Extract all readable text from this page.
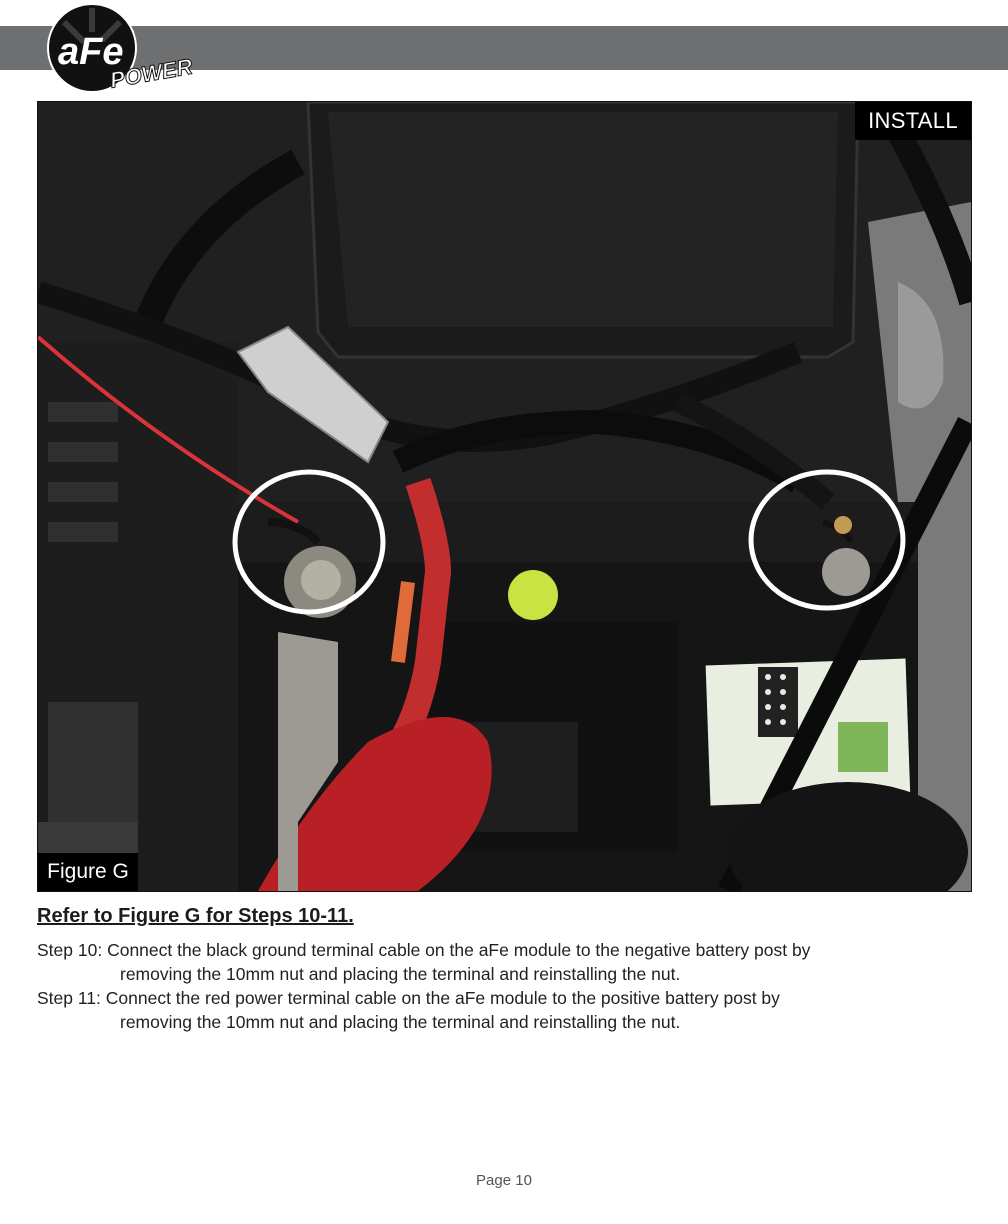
aFe
POWER
INSTALL
Figure G
Refer to Figure G for Steps 10-11.
Step 10: Connect the black ground terminal cable on the aFe module to the negative battery post by
removing the 10mm nut and placing the terminal and reinstalling the nut.
Step 11: Connect the red power terminal cable on the aFe module to the positive battery post by
removing the 10mm nut and placing the terminal and reinstalling the nut.
Page 10
